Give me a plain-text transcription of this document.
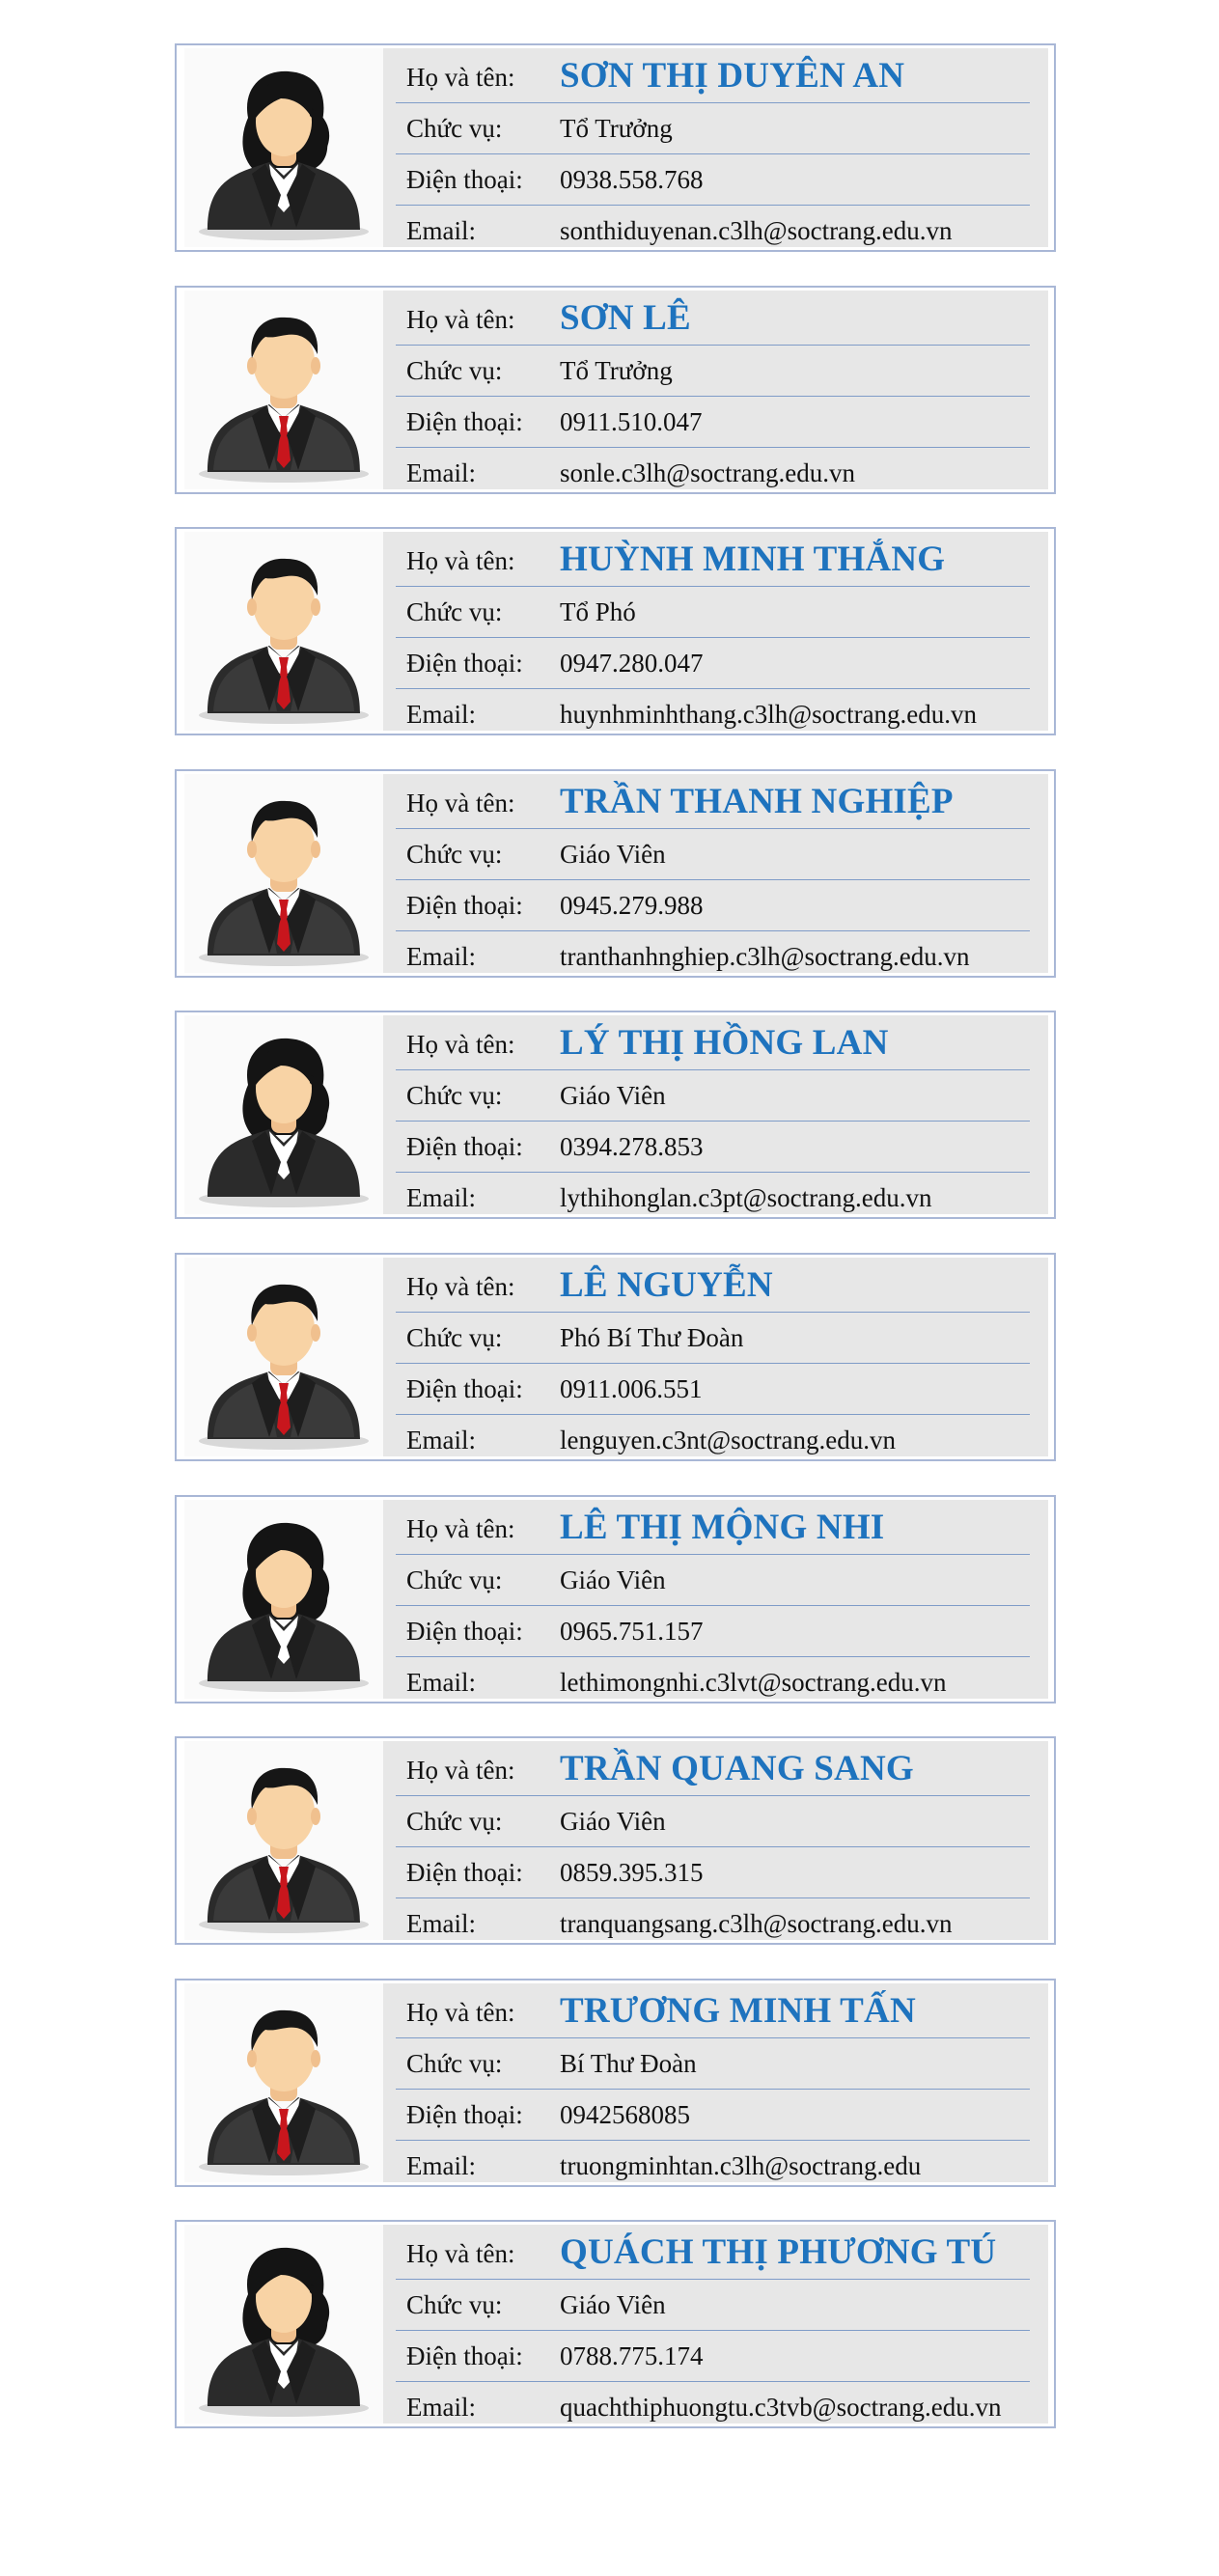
Họ và tên: SƠN THỊ DUYÊN AN
Chức vụ: Tổ Trưởng
Điện thoại: 0938.558.768
Email:	sonthiduyenan.c3lh@soctrang.edu.vn
Họ và tên: SƠN LÊ
Chức vụ: Tổ Trưởng
Điện thoại: 0911.510.047
Email:	sonle.c3lh@soctrang.edu.vn
Họ và tên: HUỲNH MINH THẮNG
Chức vụ: Tổ Phó
Điện thoại: 0947.280.047
Email:	huynhminhthang.c3lh@soctrang.edu.vn
Họ và tên: TRẦN THANH NGHIỆP
Chức vụ: Giáo Viên
Điện thoại: 0945.279.988
Email:	tranthanhnghiep.c3lh@soctrang.edu.vn
Họ và tên: LÝ THỊ HỒNG LAN
Chức vụ: Giáo Viên
Điện thoại: 0394.278.853
Email:	lythihonglan.c3pt@soctrang.edu.vn
Họ và tên: LÊ NGUYỄN
Chức vụ: Phó Bí Thư Đoàn
Điện thoại: 0911.006.551
Email:	lenguyen.c3nt@soctrang.edu.vn
Họ và tên: LÊ THỊ MỘNG NHI
Chức vụ: Giáo Viên
Điện thoại: 0965.751.157
Email:	lethimongnhi.c3lvt@soctrang.edu.vn
Họ và tên: TRẦN QUANG SANG
Chức vụ: Giáo Viên
Điện thoại: 0859.395.315
Email:	tranquangsang.c3lh@soctrang.edu.vn
Họ và tên: TRƯƠNG MINH TẤN
Chức vụ: Bí Thư Đoàn
Điện thoại: 0942568085
Email:	truongminhtan.c3lh@soctrang.edu
Họ và tên: QUÁCH THỊ PHƯƠNG TÚ
Chức vụ: Giáo Viên
Điện thoại: 0788.775.174
Email:	quachthiphuongtu.c3tvb@soctrang.edu.vn
